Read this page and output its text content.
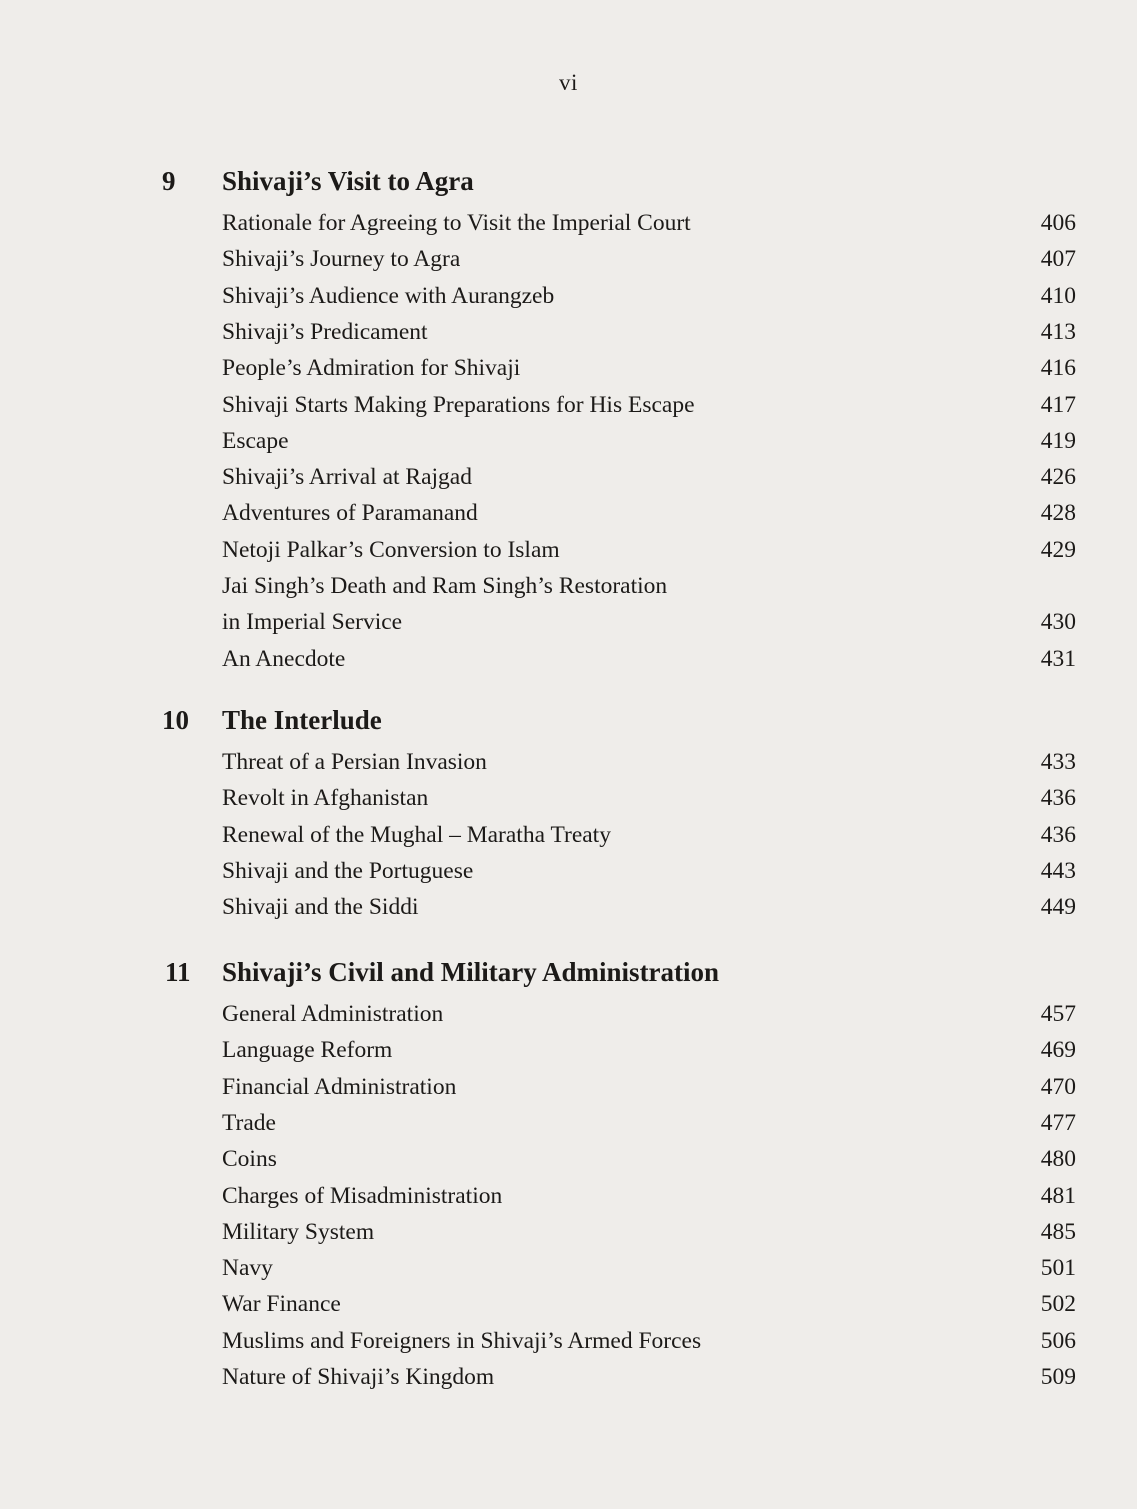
vi
9 Shivaji’s Visit to Agra
Rationale for Agreeing to Visit the Imperial Court	406
Shivaji’s Journey to Agra	407
Shivaji’s Audience with Aurangzeb	410
Shivaji’s Predicament	413
People’s Admiration for Shivaji	416
Shivaji Starts Making Preparations for His Escape	417
Escape	419
Shivaji’s Arrival at Rajgad	426
Adventures of Paramanand	428
Netoji Palkar’s Conversion to Islam	429
Jai Singh’s Death and Ram Singh’s Restoration
in Imperial Service	430
An Anecdote	431
10 The Interlude
Threat of a Persian Invasion	433
Revolt in Afghanistan	436
Renewal of the Mughal – Maratha Treaty	436
Shivaji and the Portuguese	443
Shivaji and the Siddi	449
11 Shivaji’s Civil and Military Administration
General Administration	457
Language Reform	469
Financial Administration	470
Trade	477
Coins	480
Charges of Misadministration	481
Military System	485
Navy	501
War Finance	502
Muslims and Foreigners in Shivaji’s Armed Forces	506
Nature of Shivaji’s Kingdom	509
